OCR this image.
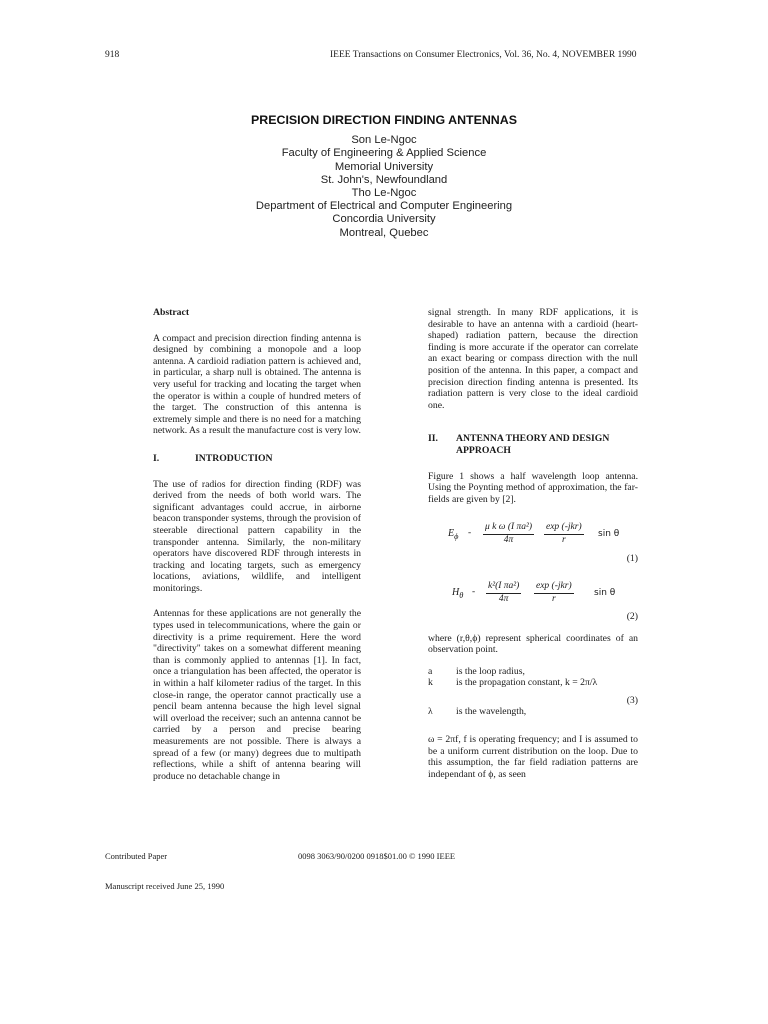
918	IEEE Transactions on Consumer Electronics, Vol. 36, No. 4, NOVEMBER 1990
PRECISION DIRECTION FINDING ANTENNAS
Son Le-Ngoc
Faculty of Engineering & Applied Science
Memorial University
St. John's, Newfoundland
Tho Le-Ngoc
Department of Electrical and Computer Engineering
Concordia University
Montreal, Quebec
Abstract

A compact and precision direction finding antenna is designed by combining a monopole and a loop antenna. A cardioid radiation pattern is achieved and, in particular, a sharp null is obtained. The antenna is very useful for tracking and locating the target when the operator is within a couple of hundred meters of the target. The construction of this antenna is extremely simple and there is no need for a matching network. As a result the manufacture cost is very low.

I.	INTRODUCTION

The use of radios for direction finding (RDF) was derived from the needs of both world wars. The significant advantages could accrue, in airborne beacon transponder systems, through the provision of steerable directional pattern capability in the transponder antenna. Similarly, the non-military operators have discovered RDF through interests in tracking and locating targets, such as emergency locations, aviations, wildlife, and intelligent monitorings.

Antennas for these applications are not generally the types used in telecommunications, where the gain or directivity is a prime requirement. Here the word "directivity" takes on a somewhat different meaning than is commonly applied to antennas [1]. In fact, once a triangulation has been affected, the operator is in within a half kilometer radius of the target. In this close-in range, the operator cannot practically use a pencil beam antenna because the high level signal will overload the receiver; such an antenna cannot be carried by a person and precise bearing measurements are not possible. There is always a spread of a few (or many) degrees due to multipath reflections, while a shift of antenna bearing will produce no detachable change in

signal strength. In many RDF applications, it is desirable to have an antenna with a cardioid (heart-shaped) radiation pattern, because the direction finding is more accurate if the operator can correlate an exact bearing or compass direction with the null position of the antenna. In this paper, a compact and precision direction finding antenna is presented. Its radiation pattern is very close to the ideal cardioid one.

II. ANTENNA THEORY AND DESIGN APPROACH

Figure 1 shows a half wavelength loop antenna. Using the Poynting method of approximation, the far-fields are given by [2].

$E_\phi - \frac{\text{μ k ω (I πa²)}}{4\pi}$ exp (-jkr)
r
sin θ
(1)
$H_\theta - \frac{\text{k²(I πa²)}}{4\pi}$ exp (-jkr)
r
sin θ
(2)

where (r,θ,ϕ) represent spherical coordinates of an observation point.

a	is the loop radius,
k	is the propagation constant, k = 2π/λ
(3)
λ	is the wavelength,

ω = 2πf, f is operating frequency; and I is assumed to be a uniform current distribution on the loop. Due to this assumption, the far field radiation patterns are independant of ϕ, as seen

Contributed Paper	0098 3063/90/0200 0918$01.00 © 1990 IEEE
Manuscript received June 25, 1990
